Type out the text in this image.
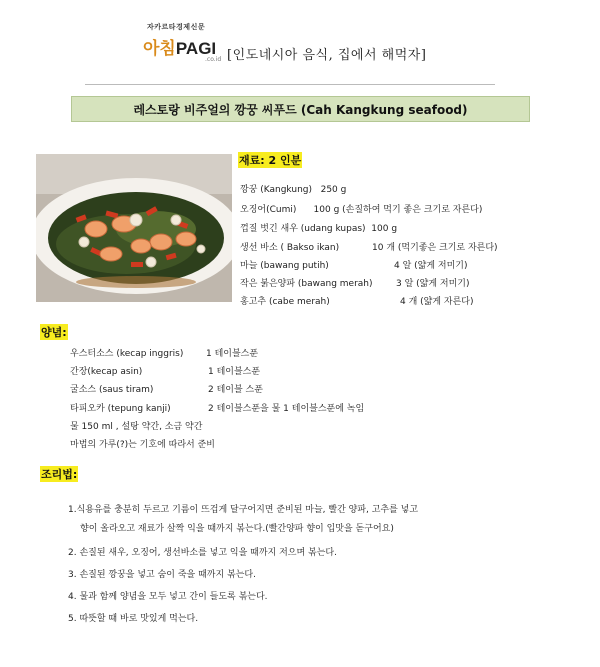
자카르타경제신문
아침PAGI
.co.id [인도네시아 음식, 집에서 해먹자]
레스토랑 비주얼의 깡꿍 씨푸드 (Cah Kangkung seafood)
재료: 2 인분
깡꿍 (Kangkung) 250 g
오징어(Cumi) 100 g (손질하여 먹기 좋은 크기로 자른다)
껍질 벗긴 새우 (udang kupas) 100 g
생선 바소 ( Bakso ikan)	10 개 (먹기좋은 크기로 자른다)
마늘 (bawang putih)	4 알 (얇게 저미기)
작은 붉은양파 (bawang merah)	3 알 (얇게 저미기)
홍고추 (cabe merah)	4 개 (얇게 자른다)
양념:
우스터소스 (kecap inggris)	1 테이블스푼
간장(kecap asin)	1 테이블스푼
굴소스 (saus tiram)	2 테이블 스푼
타피오카 (tepung kanji)	2 테이블스푼을 물 1 테이블스푼에 녹임
물 150 ml , 설탕 약간, 소금 약간
마법의 가루(?)는 기호에 따라서 준비
조리법:
1.식용유를 충분히 두르고 기름이 뜨겁게 달구어지면 준비된 마늘, 빨간 양파, 고추를 넣고
향이 올라오고 재료가 살짝 익을 때까지 볶는다.(빨간양파 향이 입맛을 돋구어요)
2. 손질된 새우, 오징어, 생선바소를 넣고 익을 때까지 저으며 볶는다.
3. 손질된 깡꿍을 넣고 숨이 죽을 때까지 볶는다.
4. 물과 함께 양념을 모두 넣고 간이 들도록 볶는다.
5. 따뜻할 때 바로 맛있게 먹는다.
